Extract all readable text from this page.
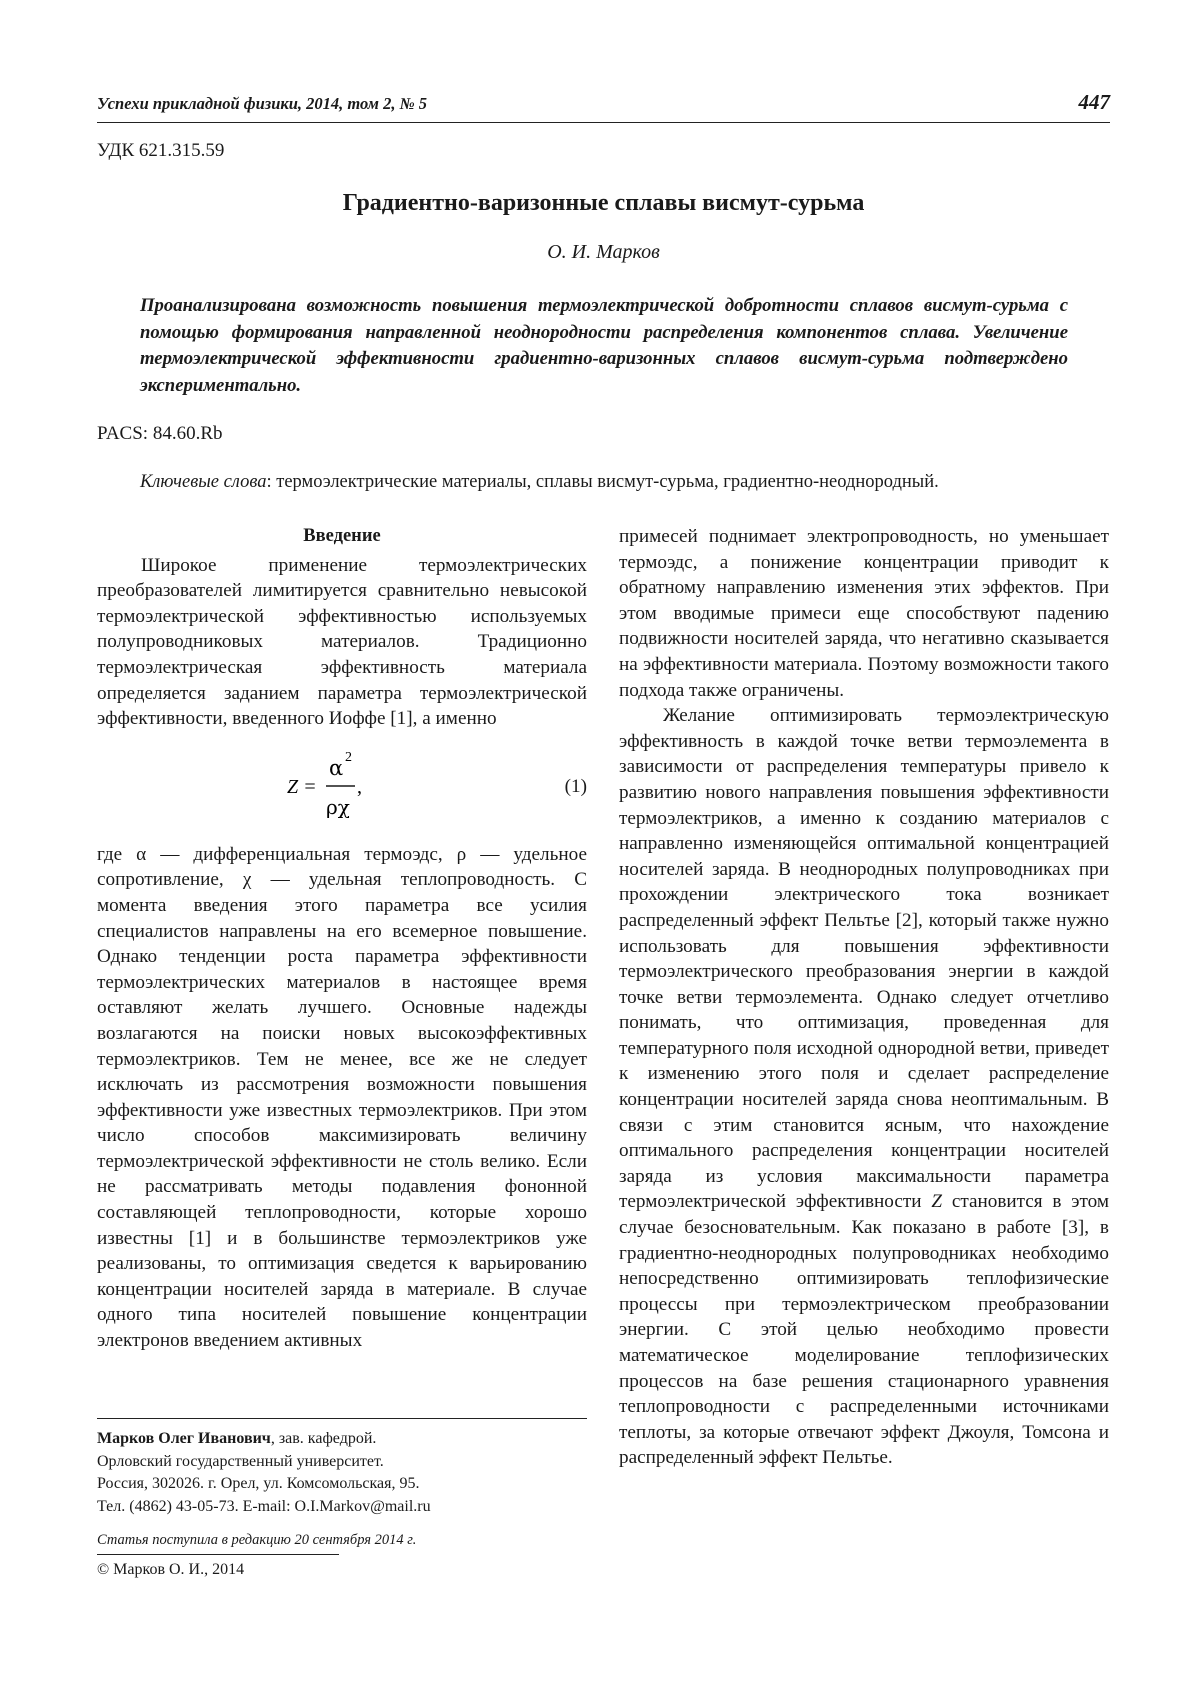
Успехи прикладной физики, 2014, том 2, № 5	447
УДК 621.315.59
Градиентно-варизонные сплавы висмут-сурьма
О. И. Марков
Проанализирована возможность повышения термоэлектрической добротности сплавов висмут-сурьма с помощью формирования направленной неоднородности распределения компонентов сплава. Увеличение термоэлектрической эффективности градиентно-варизонных сплавов висмут-сурьма подтверждено экспериментально.
PACS: 84.60.Rb
Ключевые слова: термоэлектрические материалы, сплавы висмут-сурьма, градиентно-неоднородный.
Введение

Широкое применение термоэлектрических преобразователей лимитируется сравнительно невысокой термоэлектрической эффективностью используемых полупроводниковых материалов. Традиционно термоэлектрическая эффективность материала определяется заданием параметра термоэлектрической эффективности, введенного Иоффе [1], а именно

Z =
α 2
ρχ
,	(1)

где α — дифференциальная термоэдс, ρ — удельное сопротивление, χ — удельная теплопроводность. С момента введения этого параметра все усилия специалистов направлены на его всемерное повышение. Однако тенденции роста параметра эффективности термоэлектрических материалов в настоящее время оставляют желать лучшего. Основные надежды возлагаются на поиски новых высокоэффективных термоэлектриков. Тем не менее, все же не следует исключать из рассмотрения возможности повышения эффективности уже известных термоэлектриков. При этом число способов максимизировать величину термоэлектрической эффективности не столь велико. Если не рассматривать методы подавления фононной составляющей теплопроводности, которые хорошо известны [1] и в большинстве термоэлектриков уже реализованы, то оптимизация сведется к варьированию концентрации носителей заряда в материале. В случае одного типа носителей повышение концентрации электронов введением активных

примесей поднимает электропроводность, но уменьшает термоэдс, а понижение концентрации приводит к обратному направлению изменения этих эффектов. При этом вводимые примеси еще способствуют падению подвижности носителей заряда, что негативно сказывается на эффективности материала. Поэтому возможности такого подхода также ограничены.

Желание оптимизировать термоэлектрическую эффективность в каждой точке ветви термоэлемента в зависимости от распределения температуры привело к развитию нового направления повышения эффективности термоэлектриков, а именно к созданию материалов с направленно изменяющейся оптимальной концентрацией носителей заряда. В неоднородных полупроводниках при прохождении электрического тока возникает распределенный эффект Пельтье [2], который также нужно использовать для повышения эффективности термоэлектрического преобразования энергии в каждой точке ветви термоэлемента. Однако следует отчетливо понимать, что оптимизация, проведенная для температурного поля исходной однородной ветви, приведет к изменению этого поля и сделает распределение концентрации носителей заряда снова неоптимальным. В связи с этим становится ясным, что нахождение оптимального распределения концентрации носителей заряда из условия максимальности параметра термоэлектрической эффективности Z становится в этом случае безосновательным. Как показано в работе [3], в градиентно-неоднородных полупроводниках необходимо непосредственно оптимизировать теплофизические процессы при термоэлектрическом преобразовании энергии. С этой целью необходимо провести математическое моделирование теплофизических процессов на базе решения стационарного уравнения теплопроводности с распределенными источниками теплоты, за которые отвечают эффект Джоуля, Томсона и распределенный эффект Пельтье.

Марков Олег Иванович, зав. кафедрой.
Орловский государственный университет.
Россия, 302026. г. Орел, ул. Комсомольская, 95.
Тел. (4862) 43-05-73. E-mail: O.I.Markov@mail.ru
Статья поступила в редакцию 20 сентября 2014 г.
© Марков О. И., 2014
